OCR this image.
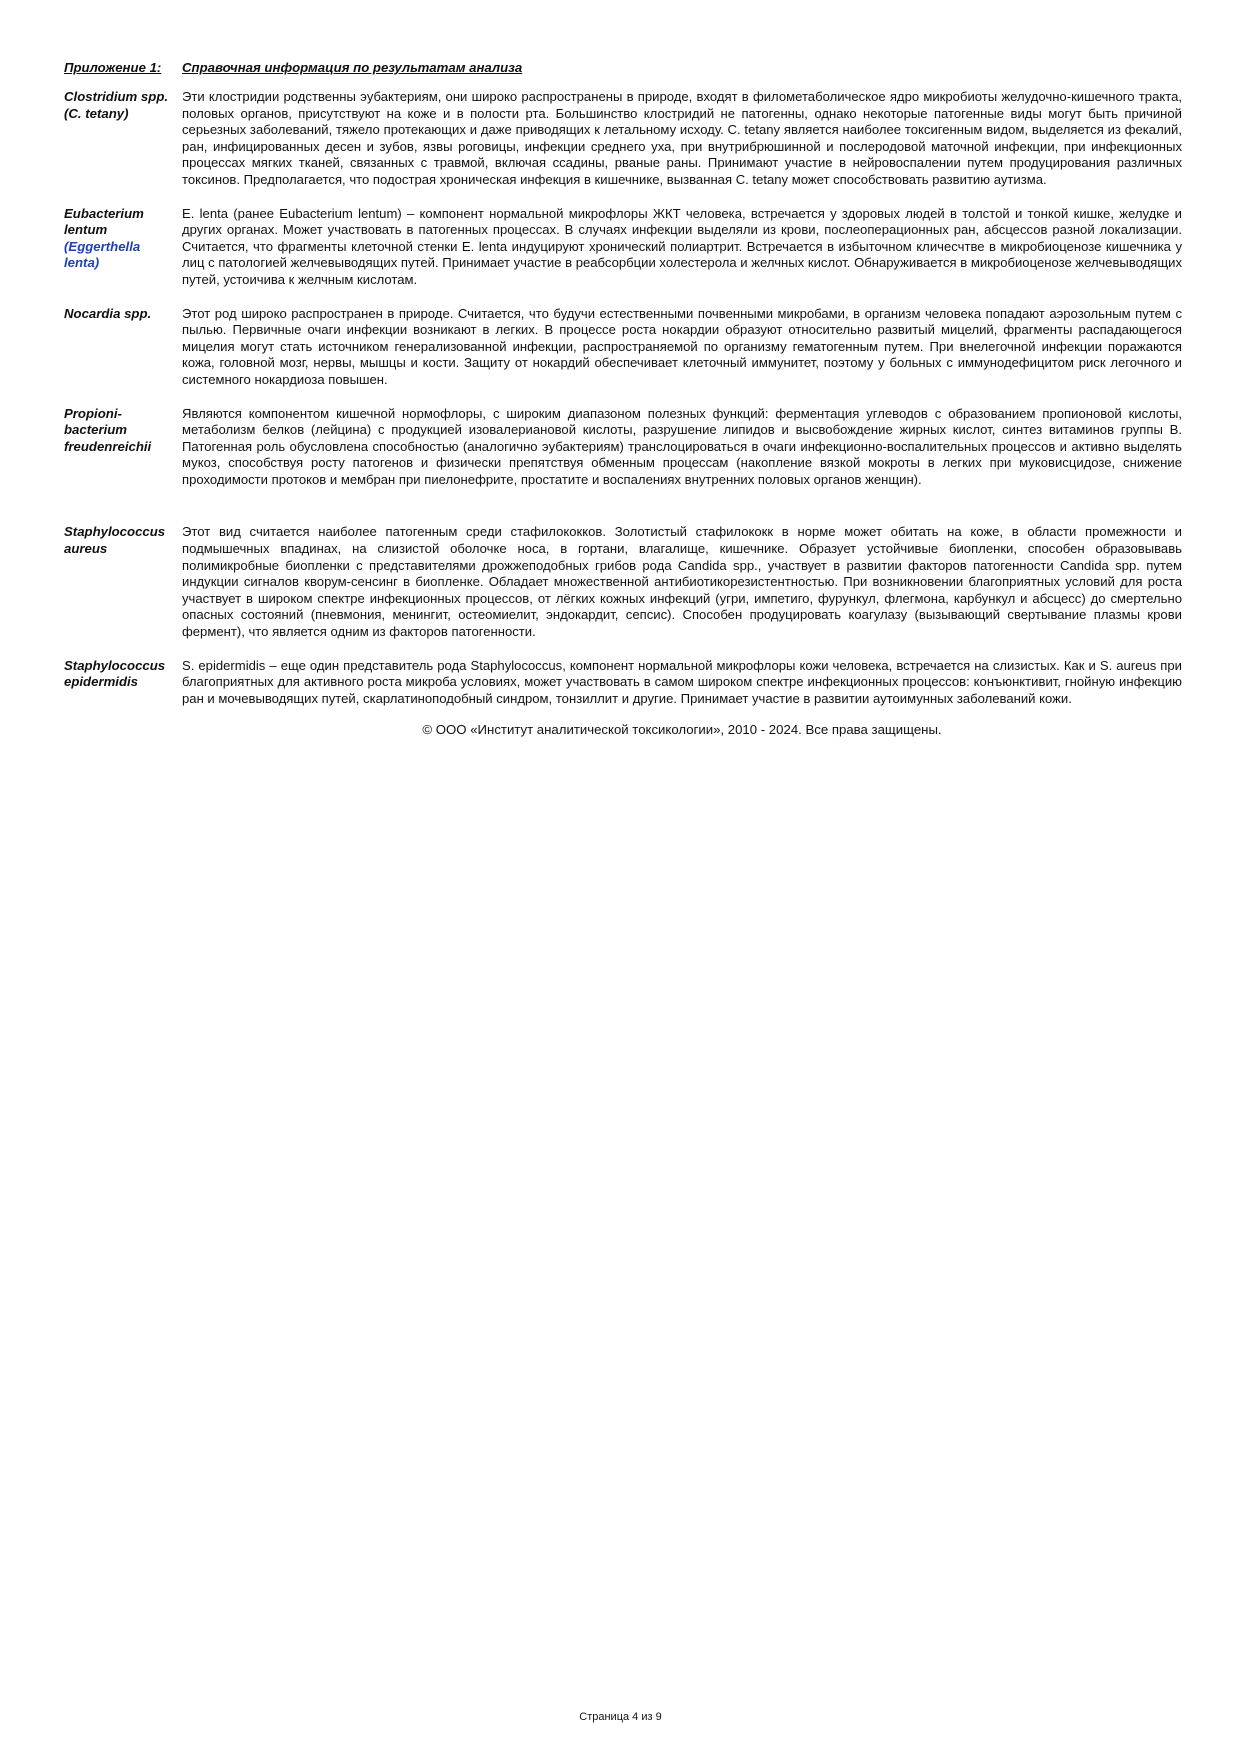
Приложение 1:	Справочная информация по результатам анализа
Clostridium spp. (C. tetany)
Эти клостридии родственны эубактериям, они широко распространены в природе, входят в филометаболическое ядро микробиоты желудочно-кишечного тракта, половых органов, присутствуют на коже и в полости рта. Большинство клостридий не патогенны, однако некоторые патогенные виды могут быть причиной серьезных заболеваний, тяжело протекающих и даже приводящих к летальному исходу. C. tetany является наиболее токсигенным видом, выделяется из фекалий, ран, инфицированных десен и зубов, язвы роговицы, инфекции среднего уха, при внутрибрюшинной и послеродовой маточной инфекции, при инфекционных процессах мягких тканей, связанных с травмой, включая ссадины, рваные раны. Принимают участие в нейровоспалении путем продуцирования различных токсинов. Предполагается, что подострая хроническая инфекция в кишечнике, вызванная C. tetany может способствовать развитию аутизма.
Eubacterium lentum (Eggerthella lenta)
E. lenta (ранее Eubacterium lentum) – компонент нормальной микрофлоры ЖКТ человека, встречается у здоровых людей в толстой и тонкой кишке, желудке и других органах. Может участвовать в патогенных процессах. В случаях инфекции выделяли из крови, послеоперационных ран, абсцессов разной локализации. Считается, что фрагменты клеточной стенки E. lenta индуцируют хронический полиартрит. Встречается в избыточном кличесчтве в микробиоценозе кишечника у лиц с патологией желчевыводящих путей. Принимает участие в реабсорбции холестерола и желчных кислот. Обнаруживается в микробиоценозе желчевыводящих путей, устоичива к желчным кислотам.
Nocardia spp.	Этот род широко распространен в природе. Считается, что будучи естественными почвенными микробами, в организм человека попадают аэрозольным путем с пылью. Первичные очаги инфекции возникают в легких. В процессе роста нокардии образуют относительно развитый мицелий, фрагменты распадающегося мицелия могут стать источником генерализованной инфекции, распространяемой по организму гематогенным путем. При внелегочной инфекции поражаются кожа, головной мозг, нервы, мышцы и кости. Защиту от нокардий обеспечивает клеточный иммунитет, поэтому у больных с иммунодефицитом риск легочного и системного нокардиоза повышен.
Propioni-bacterium freudenreichii
Являются компонентом кишечной нормофлоры, с широким диапазоном полезных функций: ферментация углеводов с образованием пропионовой кислоты, метаболизм белков (лейцина) с продукцией изовалериановой кислоты, разрушение липидов и высвобождение жирных кислот, синтез витаминов группы В. Патогенная роль обусловлена способностью (аналогично эубактериям) транслоцироваться в очаги инфекционно-воспалительных процессов и активно выделять мукоз, способствуя росту патогенов и физически препятствуя обменным процессам (накопление вязкой мокроты в легких при муковисцидозе, снижение проходимости протоков и мембран при пиелонефрите, простатите и воспалениях внутренних половых органов женщин).
Staphylococcus aureus
Этот вид считается наиболее патогенным среди стафилококков. Золотистый стафилококк в норме может обитать на коже, в области промежности и подмышечных впадинах, на слизистой оболочке носа, в гортани, влагалище, кишечнике. Образует устойчивые биопленки, способен образовывавь полимикробные биопленки с представителями дрожжеподобных грибов рода Candida spp., участвует в развитии факторов патогенности Candida spp. путем индукции сигналов кворум-сенсинг в биопленке. Обладает множественной антибиотикорезистентностью. При возникновении благоприятных условий для роста участвует в широком спектре инфекционных процессов, от лёгких кожных инфекций (угри, импетиго, фурункул, флегмона, карбункул и абсцесс) до смертельно опасных состояний (пневмония, менингит, остеомиелит, эндокардит, сепсис). Способен продуцировать коагулазу (вызывающий свертывание плазмы крови фермент), что является одним из факторов патогенности.
Staphylococcus epidermidis
S. epidermidis – еще один представитель рода Staphylococcus, компонент нормальной микрофлоры кожи человека, встречается на слизистых. Как и S. aureus при благоприятных для активного роста микроба условиях, может участвовать в самом широком спектре инфекционных процессов: конъюнктивит, гнойную инфекцию ран и мочевыводящих путей, скарлатиноподобный синдром, тонзиллит и другие. Принимает участие в развитии аутоимунных заболеваний кожи.
© ООО «Институт аналитической токсикологии», 2010 - 2024. Все права защищены.
Страница 4 из 9
